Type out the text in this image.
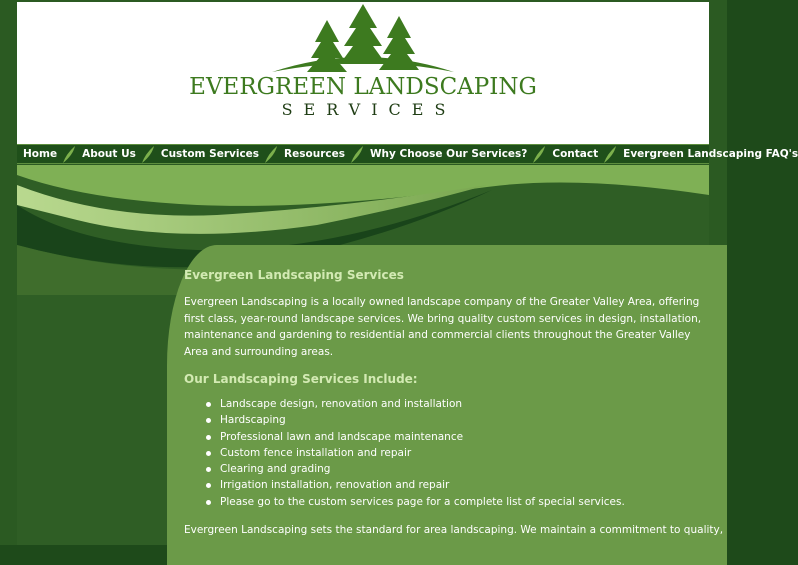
EVERGREEN LANDSCAPING
SERVICES
Home About Us Custom Services Resources Why Choose Our Services? Contact Evergreen Landscaping FAQ's
Evergreen Landscaping Services

Evergreen Landscaping is a locally owned landscape company of the Greater Valley Area, offering first class, year-round landscape services. We bring quality custom services in design, installation, maintenance and gardening to residential and commercial clients throughout the Greater Valley Area and surrounding areas.

Our Landscaping Services Include:
Landscape design, renovation and installation
Hardscaping
Professional lawn and landscape maintenance
Custom fence installation and repair
Clearing and grading
Irrigation installation, renovation and repair
Please go to the custom services page for a complete list of special services.

Evergreen Landscaping sets the standard for area landscaping. We maintain a commitment to quality,
